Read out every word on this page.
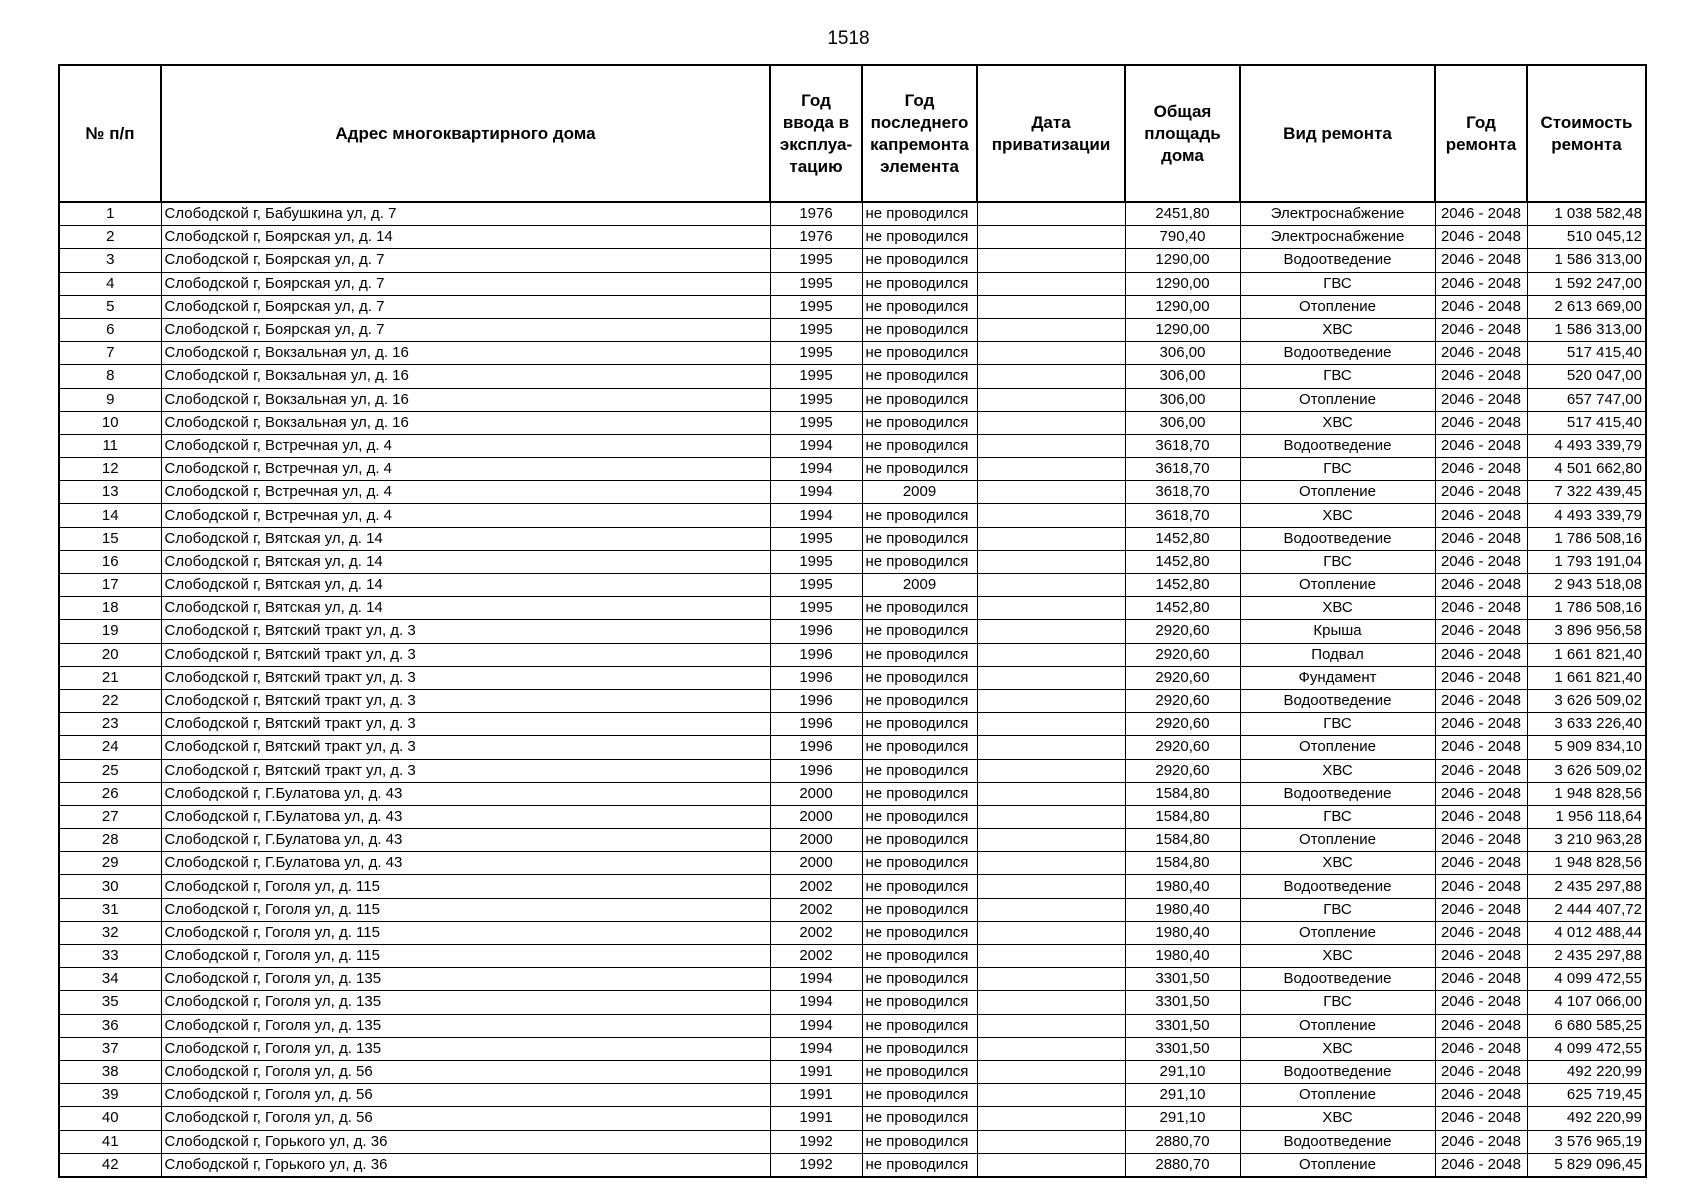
1518
№ п/п	Адрес многоквартирного дома	Год ввода в эксплуа-тацию	Год последнего капремонта элемента	Дата приватизации	Общая площадь дома	Вид ремонта	Год ремонта	Стоимость ремонта
1	Слободской г, Бабушкина ул, д. 7	1976	не проводился		2451,80	Электроснабжение	2046 - 2048	1 038 582,48
2	Слободской г, Боярская ул, д. 14	1976	не проводился		790,40	Электроснабжение	2046 - 2048	510 045,12
3	Слободской г, Боярская ул, д. 7	1995	не проводился		1290,00	Водоотведение	2046 - 2048	1 586 313,00
4	Слободской г, Боярская ул, д. 7	1995	не проводился		1290,00	ГВС	2046 - 2048	1 592 247,00
5	Слободской г, Боярская ул, д. 7	1995	не проводился		1290,00	Отопление	2046 - 2048	2 613 669,00
6	Слободской г, Боярская ул, д. 7	1995	не проводился		1290,00	ХВС	2046 - 2048	1 586 313,00
7	Слободской г, Вокзальная ул, д. 16	1995	не проводился		306,00	Водоотведение	2046 - 2048	517 415,40
8	Слободской г, Вокзальная ул, д. 16	1995	не проводился		306,00	ГВС	2046 - 2048	520 047,00
9	Слободской г, Вокзальная ул, д. 16	1995	не проводился		306,00	Отопление	2046 - 2048	657 747,00
10	Слободской г, Вокзальная ул, д. 16	1995	не проводился		306,00	ХВС	2046 - 2048	517 415,40
11	Слободской г, Встречная ул, д. 4	1994	не проводился		3618,70	Водоотведение	2046 - 2048	4 493 339,79
12	Слободской г, Встречная ул, д. 4	1994	не проводился		3618,70	ГВС	2046 - 2048	4 501 662,80
13	Слободской г, Встречная ул, д. 4	1994	2009		3618,70	Отопление	2046 - 2048	7 322 439,45
14	Слободской г, Встречная ул, д. 4	1994	не проводился		3618,70	ХВС	2046 - 2048	4 493 339,79
15	Слободской г, Вятская ул, д. 14	1995	не проводился		1452,80	Водоотведение	2046 - 2048	1 786 508,16
16	Слободской г, Вятская ул, д. 14	1995	не проводился		1452,80	ГВС	2046 - 2048	1 793 191,04
17	Слободской г, Вятская ул, д. 14	1995	2009		1452,80	Отопление	2046 - 2048	2 943 518,08
18	Слободской г, Вятская ул, д. 14	1995	не проводился		1452,80	ХВС	2046 - 2048	1 786 508,16
19	Слободской г, Вятский тракт ул, д. 3	1996	не проводился		2920,60	Крыша	2046 - 2048	3 896 956,58
20	Слободской г, Вятский тракт ул, д. 3	1996	не проводился		2920,60	Подвал	2046 - 2048	1 661 821,40
21	Слободской г, Вятский тракт ул, д. 3	1996	не проводился		2920,60	Фундамент	2046 - 2048	1 661 821,40
22	Слободской г, Вятский тракт ул, д. 3	1996	не проводился		2920,60	Водоотведение	2046 - 2048	3 626 509,02
23	Слободской г, Вятский тракт ул, д. 3	1996	не проводился		2920,60	ГВС	2046 - 2048	3 633 226,40
24	Слободской г, Вятский тракт ул, д. 3	1996	не проводился		2920,60	Отопление	2046 - 2048	5 909 834,10
25	Слободской г, Вятский тракт ул, д. 3	1996	не проводился		2920,60	ХВС	2046 - 2048	3 626 509,02
26	Слободской г, Г.Булатова ул, д. 43	2000	не проводился		1584,80	Водоотведение	2046 - 2048	1 948 828,56
27	Слободской г, Г.Булатова ул, д. 43	2000	не проводился		1584,80	ГВС	2046 - 2048	1 956 118,64
28	Слободской г, Г.Булатова ул, д. 43	2000	не проводился		1584,80	Отопление	2046 - 2048	3 210 963,28
29	Слободской г, Г.Булатова ул, д. 43	2000	не проводился		1584,80	ХВС	2046 - 2048	1 948 828,56
30	Слободской г, Гоголя ул, д. 115	2002	не проводился		1980,40	Водоотведение	2046 - 2048	2 435 297,88
31	Слободской г, Гоголя ул, д. 115	2002	не проводился		1980,40	ГВС	2046 - 2048	2 444 407,72
32	Слободской г, Гоголя ул, д. 115	2002	не проводился		1980,40	Отопление	2046 - 2048	4 012 488,44
33	Слободской г, Гоголя ул, д. 115	2002	не проводился		1980,40	ХВС	2046 - 2048	2 435 297,88
34	Слободской г, Гоголя ул, д. 135	1994	не проводился		3301,50	Водоотведение	2046 - 2048	4 099 472,55
35	Слободской г, Гоголя ул, д. 135	1994	не проводился		3301,50	ГВС	2046 - 2048	4 107 066,00
36	Слободской г, Гоголя ул, д. 135	1994	не проводился		3301,50	Отопление	2046 - 2048	6 680 585,25
37	Слободской г, Гоголя ул, д. 135	1994	не проводился		3301,50	ХВС	2046 - 2048	4 099 472,55
38	Слободской г, Гоголя ул, д. 56	1991	не проводился		291,10	Водоотведение	2046 - 2048	492 220,99
39	Слободской г, Гоголя ул, д. 56	1991	не проводился		291,10	Отопление	2046 - 2048	625 719,45
40	Слободской г, Гоголя ул, д. 56	1991	не проводился		291,10	ХВС	2046 - 2048	492 220,99
41	Слободской г, Горького ул, д. 36	1992	не проводился		2880,70	Водоотведение	2046 - 2048	3 576 965,19
42	Слободской г, Горького ул, д. 36	1992	не проводился		2880,70	Отопление	2046 - 2048	5 829 096,45
